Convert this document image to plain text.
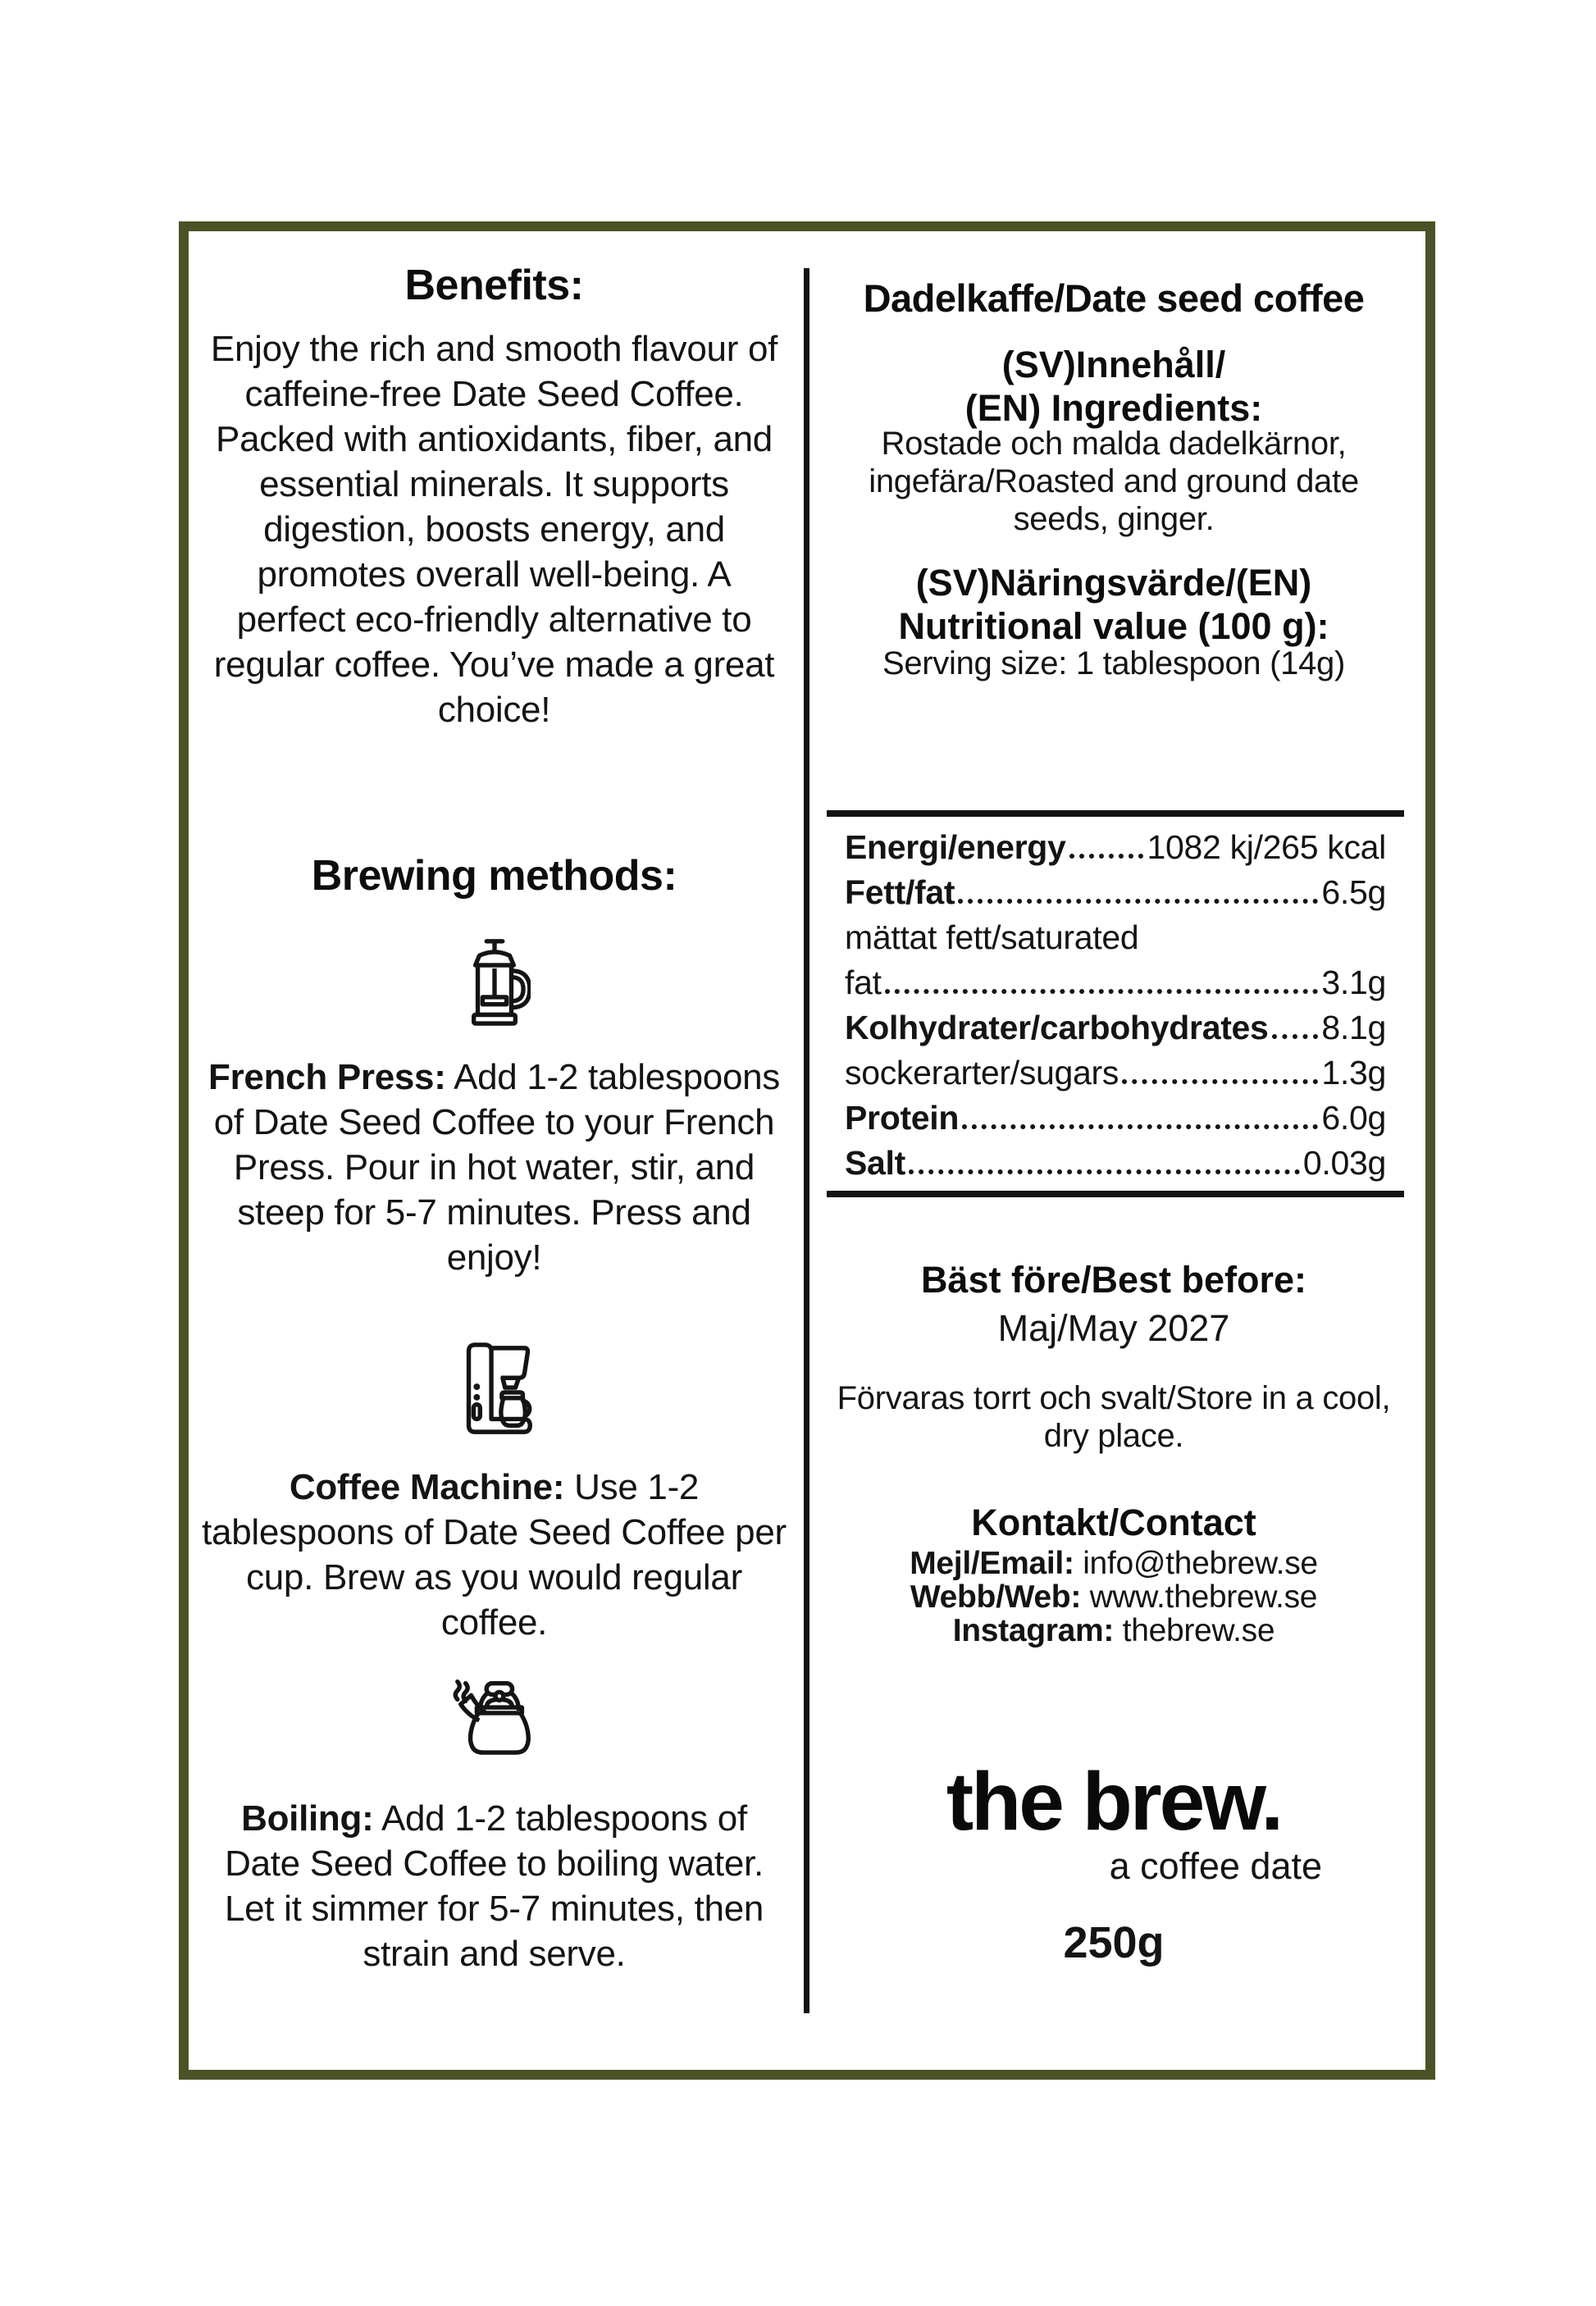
Benefits:
Enjoy the rich and smooth flavour of caffeine-free Date Seed Coffee. Packed with antioxidants, fiber, and essential minerals. It supports digestion, boosts energy, and promotes overall well-being. A perfect eco-friendly alternative to regular coffee. You’ve made a great choice!
Brewing methods:
French Press: Add 1-2 tablespoons of Date Seed Coffee to your French Press. Pour in hot water, stir, and steep for 5-7 minutes. Press and enjoy!
Coffee Machine: Use 1-2 tablespoons of Date Seed Coffee per cup. Brew as you would regular coffee.
Boiling: Add 1-2 tablespoons of Date Seed Coffee to boiling water. Let it simmer for 5-7 minutes, then strain and serve.
Dadelkaffe/Date seed coffee
(SV)Innehåll/
(EN) Ingredients:
Rostade och malda dadelkärnor, ingefära/Roasted and ground date seeds, ginger.
(SV)Näringsvärde/(EN)
Nutritional value (100 g):
Serving size: 1 tablespoon (14g)
Energi/energy 1082 kj/265 kcal
Fett/fat	6.5g
mättat fett/saturated
fat	3.1g
Kolhydrater/carbohydrates 8.1g
sockerarter/sugars	1.3g
Protein	6.0g
Salt	0.03g
Bäst före/Best before:
Maj/May 2027
Förvaras torrt och svalt/Store in a cool, dry place.
Kontakt/Contact
Mejl/Email: info@thebrew.se
Webb/Web: www.thebrew.se
Instagram: thebrew.se
the brew.
a coffee date
250g
